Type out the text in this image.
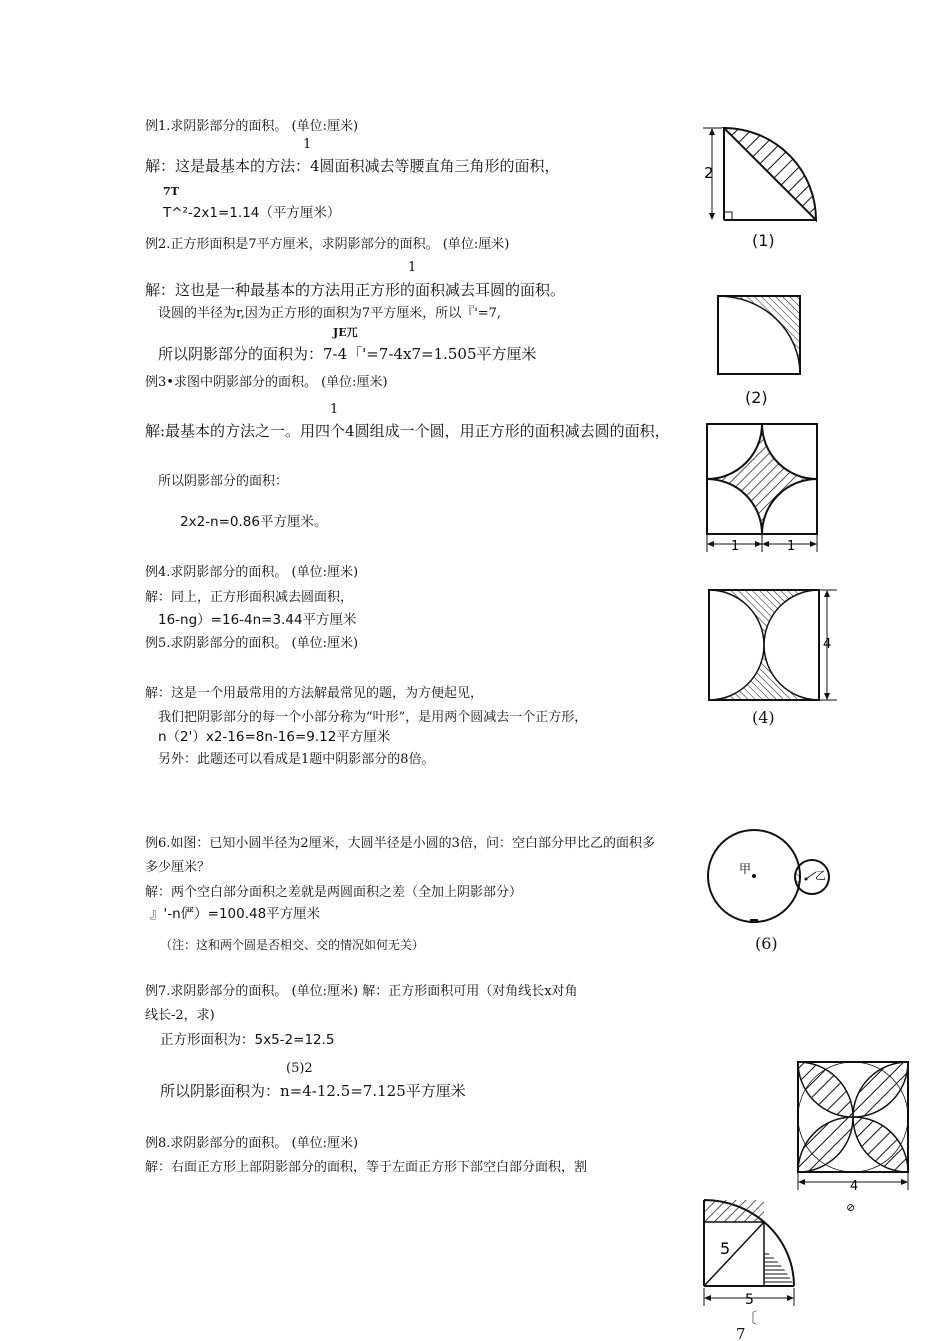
例1.求阴影部分的面积。 (单位:厘米)
1
解：这是最基本的方法：4圆面积减去等腰直角三角形的面积，
7T
T^²-2x1=1.14（平方厘米）
2
(1)
例2.正方形面积是7平方厘米，求阴影部分的面积。 (单位:厘米)
1
解：这也是一种最基本的方法用正方形的面积减去耳圆的面积。
设圆的半径为r,因为正方形的面积为7平方厘米，所以『'=7,
JE兀
所以阴影部分的面积为：7-4「'=7-4x7=1.505平方厘米
(2)
例3•求图中阴影部分的面积。 (单位:厘米)
1
解:最基本的方法之一。用四个4圆组成一个圆，用正方形的面积减去圆的面积，
所以阴影部分的面积：
2x2-n=0.86平方厘米。
1	1
例4.求阴影部分的面积。 (单位:厘米)
解：同上，正方形面积减去圆面积，
16-ng）=16-4n=3.44平方厘米
4
(4)
例5.求阴影部分的面积。 (单位:厘米)
解：这是一个用最常用的方法解最常见的题，为方便起见，
我们把阴影部分的每一个小部分称为“叶形”，是用两个圆减去一个正方形，
n（2'）x2-16=8n-16=9.12平方厘米
另外：此题还可以看成是1题中阴影部分的8倍。
例6.如图：已知小圆半径为2厘米，大圆半径是小圆的3倍，问：空白部分甲比乙的面积多
多少厘米？
解：两个空白部分面积之差就是两圆面积之差（全加上阴影部分）
』'-n俨）=100.48平方厘米
（注：这和两个圆是否相交、交的情况如何无关）
甲	乙
(6)
例7.求阴影部分的面积。 (单位:厘米) 解：正方形面积可用（对角线长x对角
线长-2，求)
正方形面积为：5x5-2=12.5
(5)2
所以阴影面积为：n=4-12.5=7.125平方厘米
4
⊘
例8.求阴影部分的面积。 (单位:厘米)
解：右面正方形上部阴影部分的面积，等于左面正方形下部空白部分面积，割
5
5
〔
7
